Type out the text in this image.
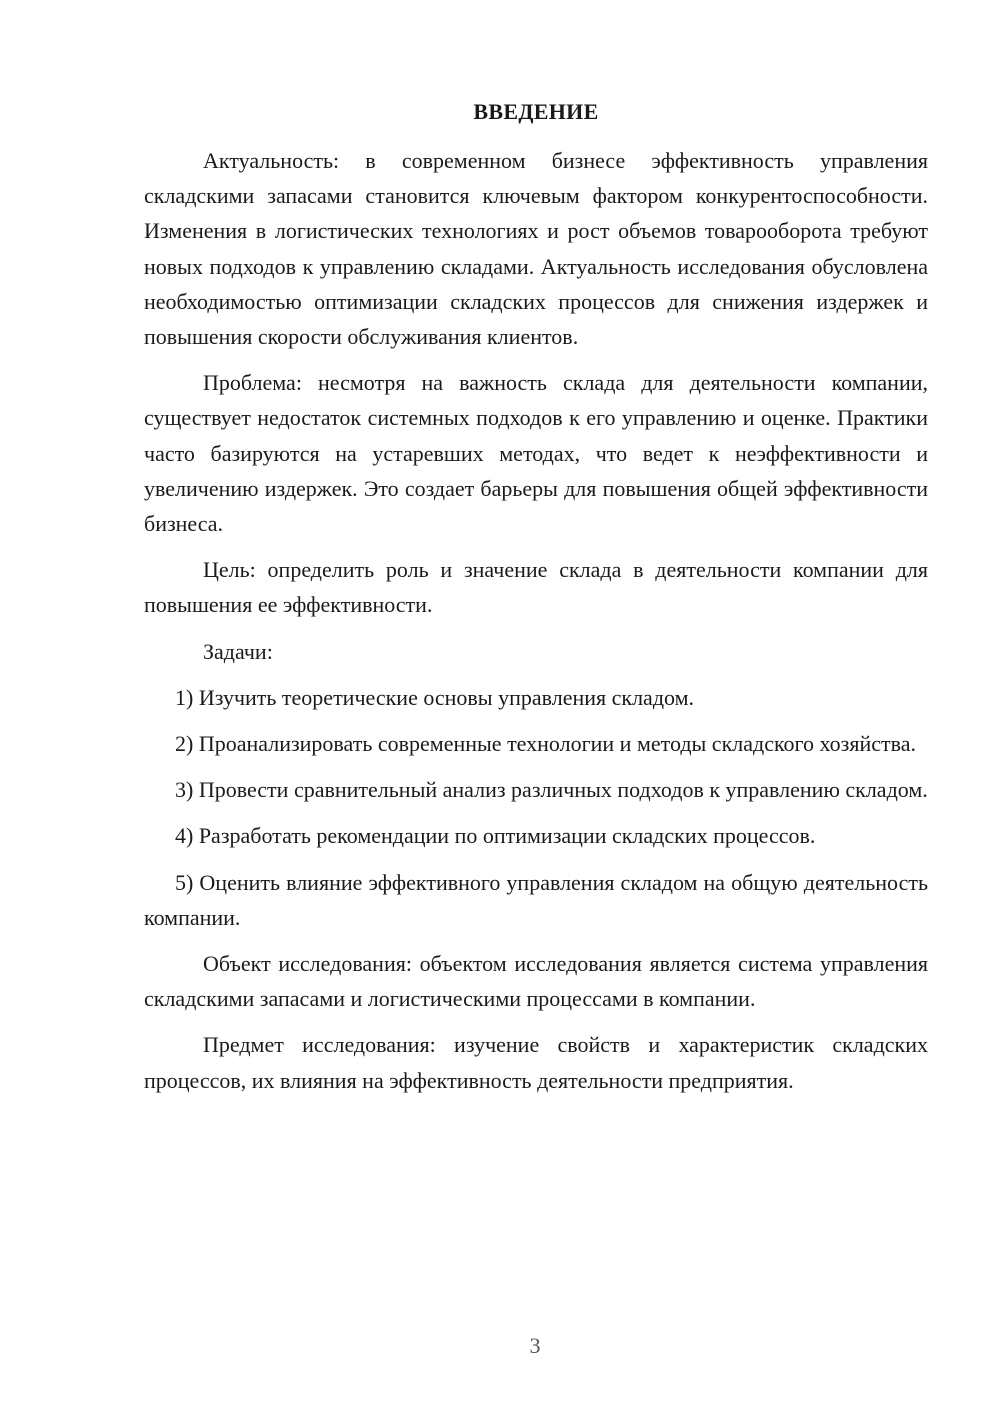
ВВЕДЕНИЕ

Актуальность: в современном бизнесе эффективность управления складскими запасами становится ключевым фактором конкурентоспособности. Изменения в логистических технологиях и рост объемов товарооборота требуют новых подходов к управлению складами. Актуальность исследования обусловлена необходимостью оптимизации складских процессов для снижения издержек и повышения скорости обслуживания клиентов.

Проблема: несмотря на важность склада для деятельности компании, существует недостаток системных подходов к его управлению и оценке. Практики часто базируются на устаревших методах, что ведет к неэффективности и увеличению издержек. Это создает барьеры для повышения общей эффективности бизнеса.

Цель: определить роль и значение склада в деятельности компании для повышения ее эффективности.

Задачи:

1) Изучить теоретические основы управления складом.

2) Проанализировать современные технологии и методы складского хозяйства.

3) Провести сравнительный анализ различных подходов к управлению складом.

4) Разработать рекомендации по оптимизации складских процессов.

5) Оценить влияние эффективного управления складом на общую деятельность компании.

Объект исследования: объектом исследования является система управления складскими запасами и логистическими процессами в компании.

Предмет исследования: изучение свойств и характеристик складских процессов, их влияния на эффективность деятельности предприятия.

3
